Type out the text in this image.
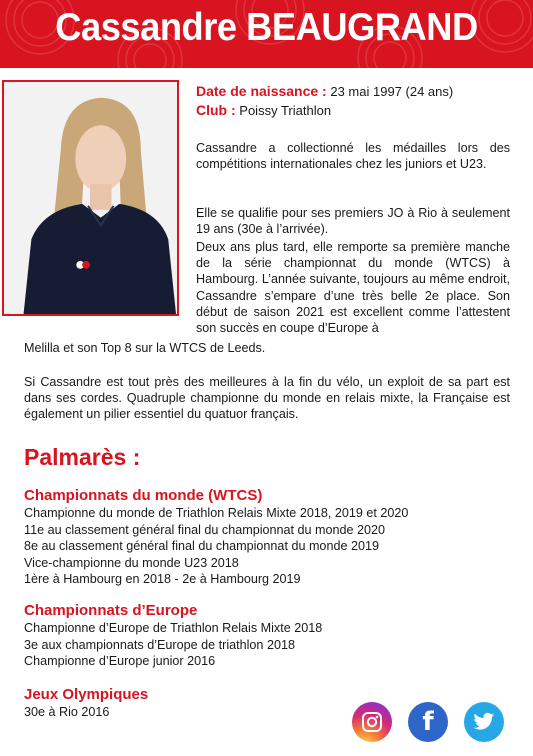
Cassandre BEAUGRAND
Date de naissance : 23 mai 1997 (24 ans)
Club : Poissy Triathlon

Cassandre a collectionné les médailles lors des compétitions internationales chez les juniors et U23.

Elle se qualifie pour ses premiers JO à Rio à seulement 19 ans (30e à l’arrivée).

Deux ans plus tard, elle remporte sa première manche de la série championnat du monde (WTCS) à Hambourg. L’année suivante, toujours au même endroit, Cassandre s’empare d’une très belle 2e place. Son début de saison 2021 est excellent comme l’attestent son succès en coupe d’Europe à

Melilla et son Top 8 sur la WTCS de Leeds.

Si Cassandre est tout près des meilleures à la fin du vélo, un exploit de sa part est dans ses cordes. Quadruple championne du monde en relais mixte, la Française est également un pilier essentiel du quatuor français.

Palmarès :
Championnats du monde (WTCS)
Championne du monde de Triathlon Relais Mixte 2018, 2019 et 2020
11e au classement général final du championnat du monde 2020
8e au classement général final du championnat du monde 2019
Vice-championne du monde U23 2018
1ère à Hambourg en 2018 - 2e à Hambourg 2019
Championnats d’Europe
Championne d’Europe de Triathlon Relais Mixte 2018
3e aux championnats d’Europe de triathlon 2018
Championne d’Europe junior 2016
Jeux Olympiques
30e à Rio 2016	f
